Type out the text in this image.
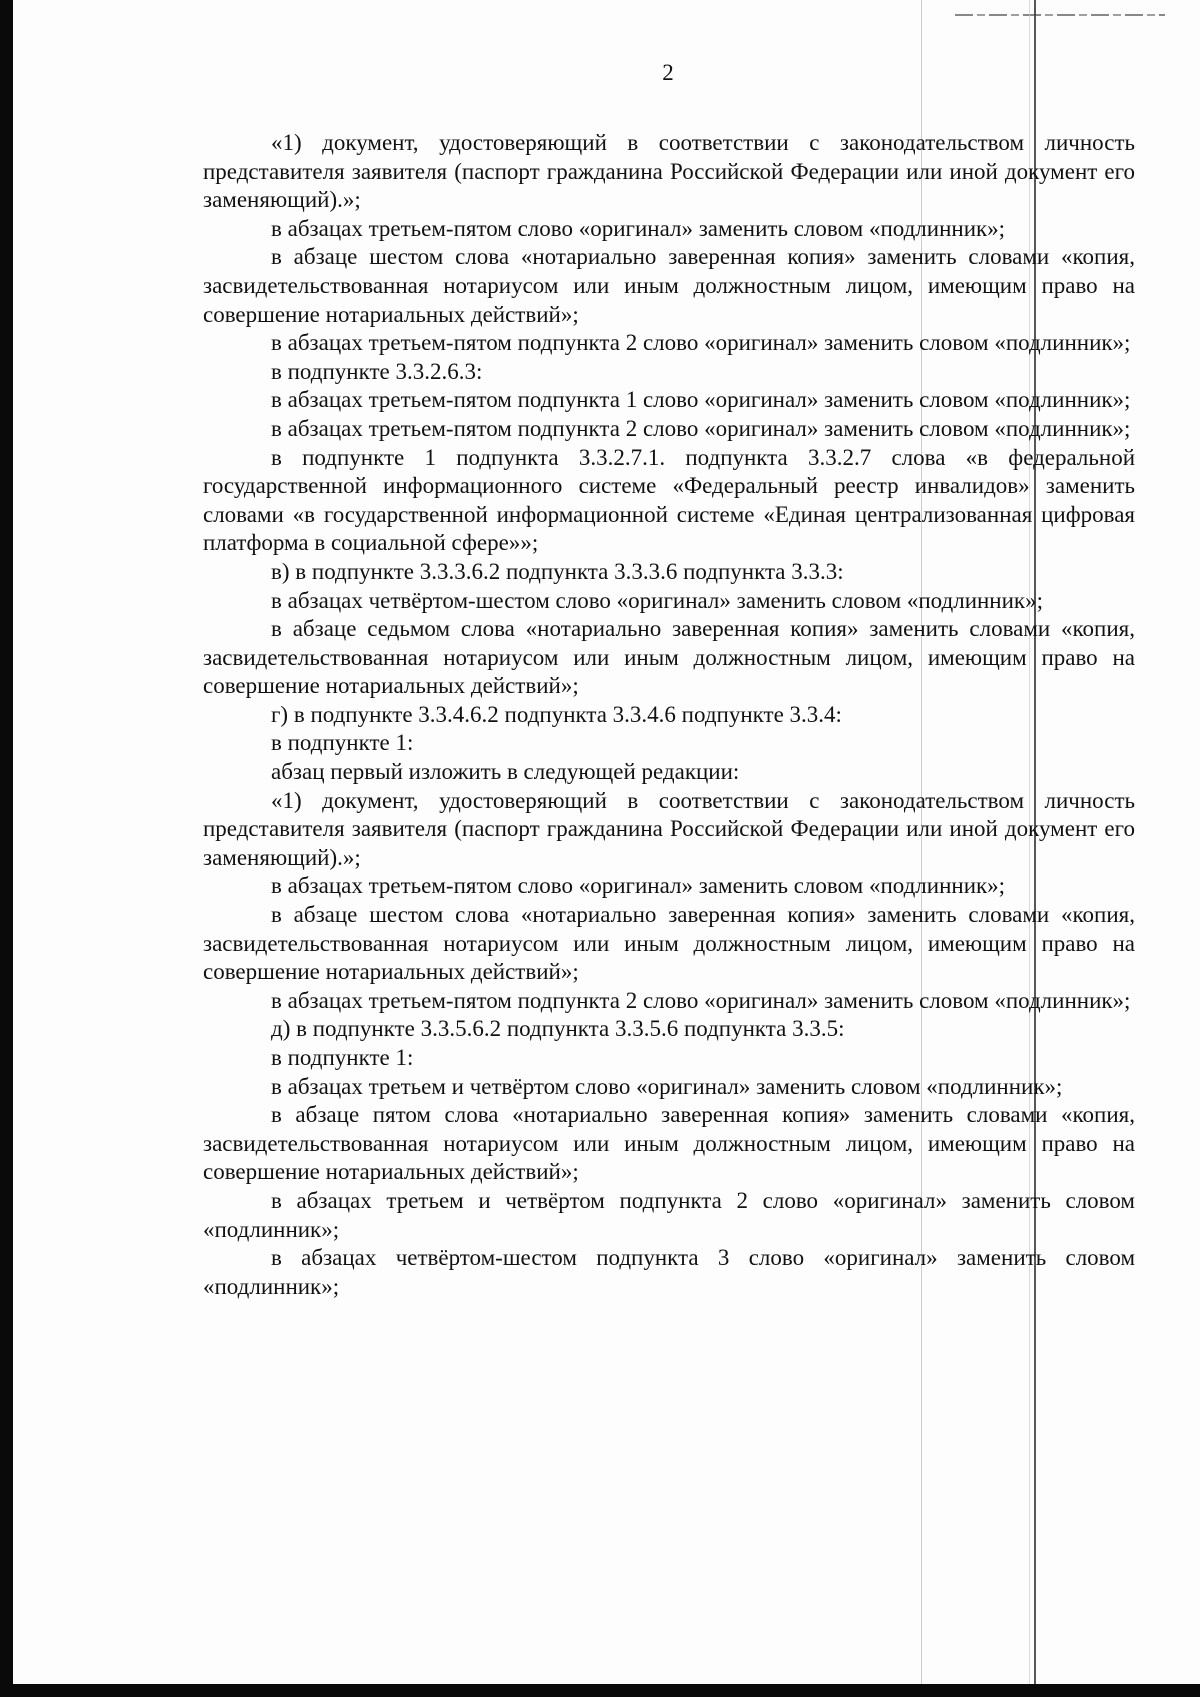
2

«1) документ, удостоверяющий в соответствии с законодательством личность представителя заявителя (паспорт гражданина Российской Федерации или иной документ его заменяющий).»;

в абзацах третьем-пятом слово «оригинал» заменить словом «подлинник»;

в абзаце шестом слова «нотариально заверенная копия» заменить словами «копия, засвидетельствованная нотариусом или иным должностным лицом, имеющим право на совершение нотариальных действий»;

в абзацах третьем-пятом подпункта 2 слово «оригинал» заменить словом «подлинник»;

в подпункте 3.3.2.6.3:

в абзацах третьем-пятом подпункта 1 слово «оригинал» заменить словом «подлинник»;

в абзацах третьем-пятом подпункта 2 слово «оригинал» заменить словом «подлинник»;

в подпункте 1 подпункта 3.3.2.7.1. подпункта 3.3.2.7 слова «в федеральной государственной информационного системе «Федеральный реестр инвалидов» заменить словами «в государственной информационной системе «Единая централизованная цифровая платформа в социальной сфере»»;

в) в подпункте 3.3.3.6.2 подпункта 3.3.3.6 подпункта 3.3.3:

в абзацах четвёртом-шестом слово «оригинал» заменить словом «подлинник»;

в абзаце седьмом слова «нотариально заверенная копия» заменить словами «копия, засвидетельствованная нотариусом или иным должностным лицом, имеющим право на совершение нотариальных действий»;

г) в подпункте 3.3.4.6.2 подпункта 3.3.4.6 подпункте 3.3.4:

в подпункте 1:

абзац первый изложить в следующей редакции:

«1) документ, удостоверяющий в соответствии с законодательством личность представителя заявителя (паспорт гражданина Российской Федерации или иной документ его заменяющий).»;

в абзацах третьем-пятом слово «оригинал» заменить словом «подлинник»;

в абзаце шестом слова «нотариально заверенная копия» заменить словами «копия, засвидетельствованная нотариусом или иным должностным лицом, имеющим право на совершение нотариальных действий»;

в абзацах третьем-пятом подпункта 2 слово «оригинал» заменить словом «подлинник»;

д) в подпункте 3.3.5.6.2 подпункта 3.3.5.6 подпункта 3.3.5:

в подпункте 1:

в абзацах третьем и четвёртом слово «оригинал» заменить словом «подлинник»;

в абзаце пятом слова «нотариально заверенная копия» заменить словами «копия, засвидетельствованная нотариусом или иным должностным лицом, имеющим право на совершение нотариальных действий»;

в абзацах третьем и четвёртом подпункта 2 слово «оригинал» заменить словом «подлинник»;

в абзацах четвёртом-шестом подпункта 3 слово «оригинал» заменить словом «подлинник»;
